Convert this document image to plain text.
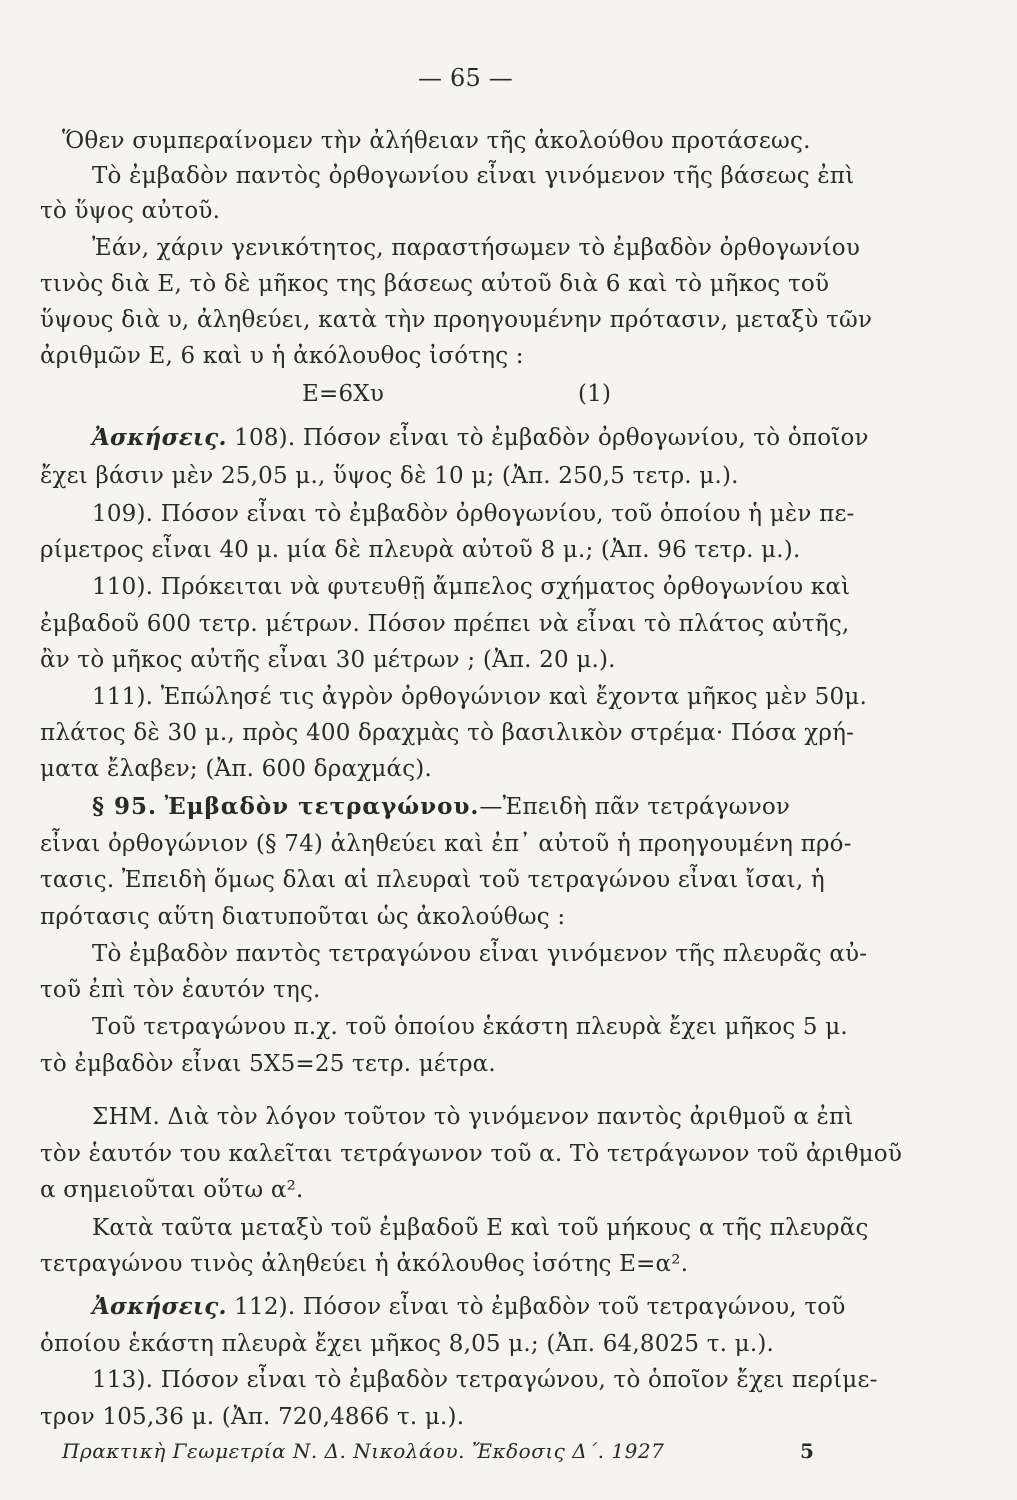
— 65 —
Ὅθεν συμπεραίνομεν τὴν ἀλήθειαν τῆς ἀκολούθου προτάσεως.
Τὸ ἐμβαδὸν παντὸς ὀρθογωνίου εἶναι γινόμενον τῆς βάσεως ἐπὶ
τὸ ὕψος αὐτοῦ.
Ἐάν, χάριν γενικότητος, παραστήσωμεν τὸ ἐμβαδὸν ὀρθογωνίου
τινὸς διὰ Ε, τὸ δὲ μῆκος της βάσεως αὐτοῦ διὰ 6 καὶ τὸ μῆκος τοῦ
ὕψους διὰ υ, ἀληθεύει, κατὰ τὴν προηγουμένην πρότασιν, μεταξὺ τῶν
ἀριθμῶν Ε, 6 καὶ υ ἡ ἀκόλουθος ἰσότης :
Ε=6Χυ	(1)
Ἀσκήσεις. 108). Πόσον εἶναι τὸ ἐμβαδὸν ὀρθογωνίου, τὸ ὁποῖον
ἔχει βάσιν μὲν 25,05 μ., ὕψος δὲ 10 μ; (Ἀπ. 250,5 τετρ. μ.).
109). Πόσον εἶναι τὸ ἐμβαδὸν ὀρθογωνίου, τοῦ ὁποίου ἡ μὲν πε-
ρίμετρος εἶναι 40 μ. μία δὲ πλευρὰ αὐτοῦ 8 μ.; (Ἀπ. 96 τετρ. μ.).
110). Πρόκειται νὰ φυτευθῇ ἄμπελος σχήματος ὀρθογωνίου καὶ
ἐμβαδοῦ 600 τετρ. μέτρων. Πόσον πρέπει νὰ εἶναι τὸ πλάτος αὐτῆς,
ἂν τὸ μῆκος αὐτῆς εἶναι 30 μέτρων ; (Ἀπ. 20 μ.).
111). Ἐπώλησέ τις ἀγρὸν ὀρθογώνιον καὶ ἔχοντα μῆκος μὲν 50μ.
πλάτος δὲ 30 μ., πρὸς 400 δραχμὰς τὸ βασιλικὸν στρέμα· Πόσα χρή-
ματα ἔλαβεν; (Ἀπ. 600 δραχμάς).
§ 95. Ἐμβαδὸν τετραγώνου.—Ἐπειδὴ πᾶν τετράγωνον
εἶναι ὀρθογώνιον (§ 74) ἀληθεύει καὶ ἐπ᾽ αὐτοῦ ἡ προηγουμένη πρό-
τασις. Ἐπειδὴ ὅμως δλαι αἱ πλευραὶ τοῦ τετραγώνου εἶναι ἴσαι, ἡ
πρότασις αὕτη διατυποῦται ὡς ἀκολούθως :
Τὸ ἐμβαδὸν παντὸς τετραγώνου εἶναι γινόμενον τῆς πλευρᾶς αὐ-
τοῦ ἐπὶ τὸν ἑαυτόν της.
Τοῦ τετραγώνου π.χ. τοῦ ὁποίου ἑκάστη πλευρὰ ἔχει μῆκος 5 μ.
τὸ ἐμβαδὸν εἶναι 5Χ5=25 τετρ. μέτρα.
ΣΗΜ. Διὰ τὸν λόγον τοῦτον τὸ γινόμενον παντὸς ἀριθμοῦ α ἐπὶ
τὸν ἑαυτόν του καλεῖται τετράγωνον τοῦ α. Τὸ τετράγωνον τοῦ ἀριθμοῦ
α σημειοῦται οὕτω α².
Κατὰ ταῦτα μεταξὺ τοῦ ἐμβαδοῦ Ε καὶ τοῦ μήκους α τῆς πλευρᾶς
τετραγώνου τινὸς ἀληθεύει ἡ ἀκόλουθος ἰσότης Ε=α².
Ἀσκήσεις. 112). Πόσον εἶναι τὸ ἐμβαδὸν τοῦ τετραγώνου, τοῦ
ὁποίου ἑκάστη πλευρὰ ἔχει μῆκος 8,05 μ.; (Ἀπ. 64,8025 τ. μ.).
113). Πόσον εἶναι τὸ ἐμβαδὸν τετραγώνου, τὸ ὁποῖον ἔχει περίμε-
τρον 105,36 μ. (Ἀπ. 720,4866 τ. μ.).
Πρακτικὴ Γεωμετρία Ν. Δ. Νικολάου. Ἔκδοσις Δ΄. 1927	5
